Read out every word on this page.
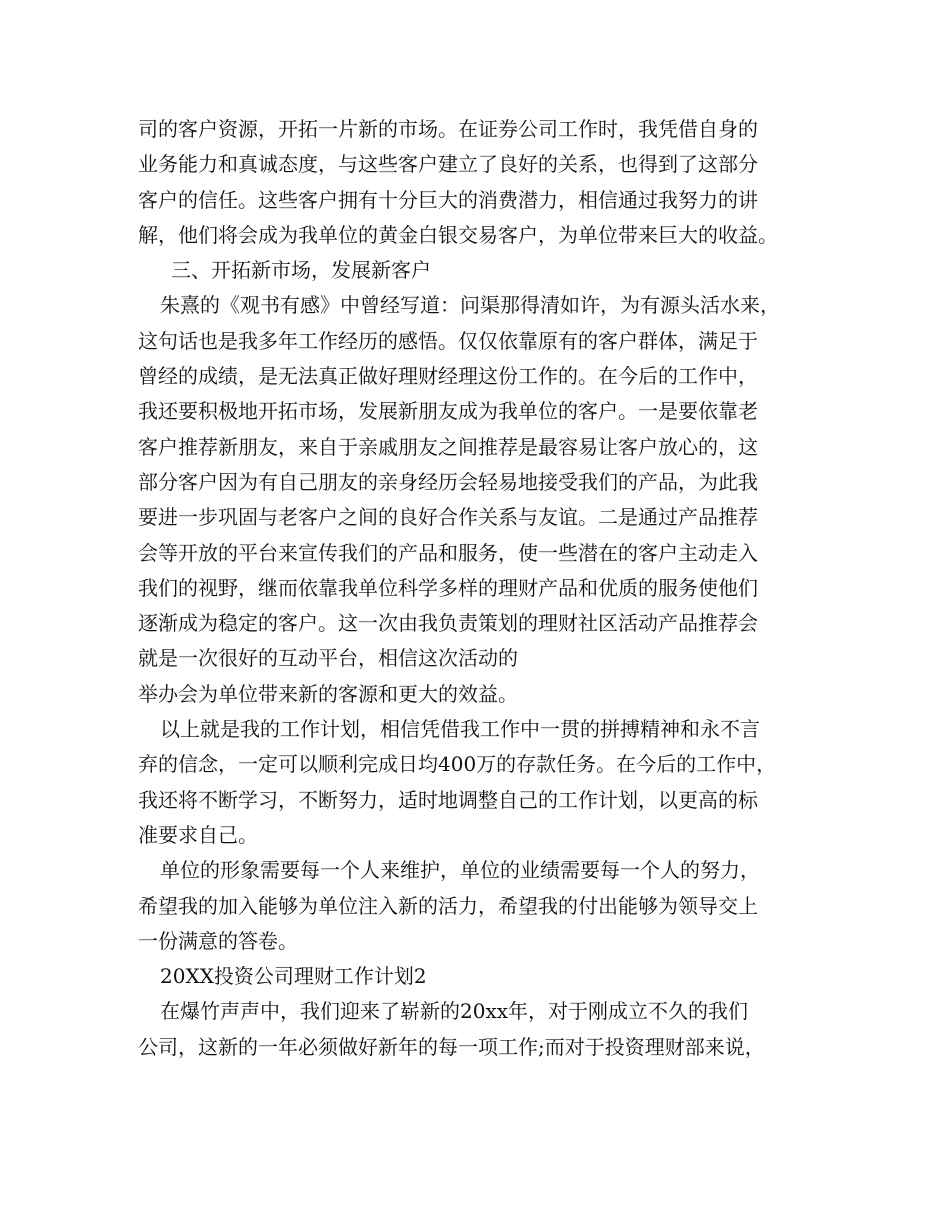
司的客户资源，开拓一片新的市场。在证券公司工作时，我凭借自身的
业务能力和真诚态度，与这些客户建立了良好的关系，也得到了这部分
客户的信任。这些客户拥有十分巨大的消费潜力，相信通过我努力的讲
解，他们将会成为我单位的黄金白银交易客户，为单位带来巨大的收益。
三、开拓新市场，发展新客户
朱熹的《观书有感》中曾经写道：问渠那得清如许，为有源头活水来，
这句话也是我多年工作经历的感悟。仅仅依靠原有的客户群体，满足于
曾经的成绩，是无法真正做好理财经理这份工作的。在今后的工作中，
我还要积极地开拓市场，发展新朋友成为我单位的客户。一是要依靠老
客户推荐新朋友，来自于亲戚朋友之间推荐是最容易让客户放心的，这
部分客户因为有自己朋友的亲身经历会轻易地接受我们的产品，为此我
要进一步巩固与老客户之间的良好合作关系与友谊。二是通过产品推荐
会等开放的平台来宣传我们的产品和服务，使一些潜在的客户主动走入
我们的视野，继而依靠我单位科学多样的理财产品和优质的服务使他们
逐渐成为稳定的客户。这一次由我负责策划的理财社区活动产品推荐会
就是一次很好的互动平台，相信这次活动的
举办会为单位带来新的客源和更大的效益。
以上就是我的工作计划，相信凭借我工作中一贯的拼搏精神和永不言
弃的信念，一定可以顺利完成日均400万的存款任务。在今后的工作中，
我还将不断学习，不断努力，适时地调整自己的工作计划，以更高的标
准要求自己。
单位的形象需要每一个人来维护，单位的业绩需要每一个人的努力，
希望我的加入能够为单位注入新的活力，希望我的付出能够为领导交上
一份满意的答卷。
20XX投资公司理财工作计划2
在爆竹声声中，我们迎来了崭新的20xx年，对于刚成立不久的我们
公司，这新的一年必须做好新年的每一项工作;而对于投资理财部来说，
